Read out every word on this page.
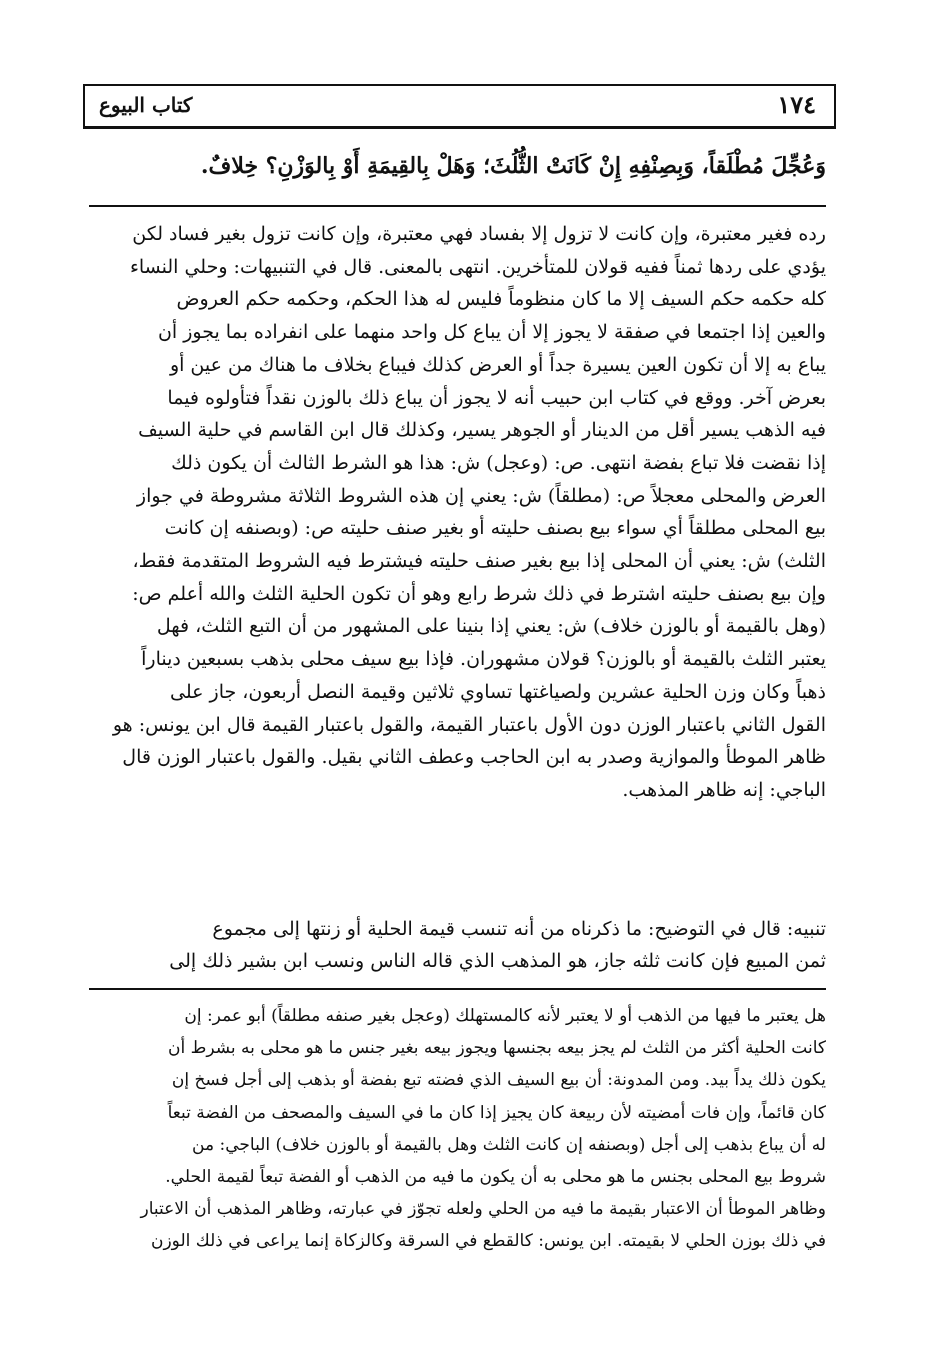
١٧٤
كتاب البيوع
وَعُجِّلَ مُطْلَقاً، وَبِصِنْفِهِ إِنْ كَانَتْ الثُّلُثَ؛ وَهَلْ بِالقِيمَةِ أَوْ بِالوَزْنِ؟ خِلافٌ.

رده فغير معتبرة، وإن كانت لا تزول إلا بفساد فهي معتبرة، وإن كانت تزول بغير فساد لكن

يؤدي على ردها ثمناً ففيه قولان للمتأخرين. انتهى بالمعنى. قال في التنبيهات: وحلي النساء

كله حكمه حكم السيف إلا ما كان منظوماً فليس له هذا الحكم، وحكمه حكم العروض

والعين إذا اجتمعا في صفقة لا يجوز إلا أن يباع كل واحد منهما على انفراده بما يجوز أن

يباع به إلا أن تكون العين يسيرة جداً أو العرض كذلك فيباع بخلاف ما هناك من عين أو

بعرض آخر. ووقع في كتاب ابن حبيب أنه لا يجوز أن يباع ذلك بالوزن نقداً فتأولوه فيما

فيه الذهب يسير أقل من الدينار أو الجوهر يسير، وكذلك قال ابن القاسم في حلية السيف

إذا نقضت فلا تباع بفضة انتهى. ص: (وعجل) ش: هذا هو الشرط الثالث أن يكون ذلك

العرض والمحلى معجلاً ص: (مطلقاً) ش: يعني إن هذه الشروط الثلاثة مشروطة في جواز

بيع المحلى مطلقاً أي سواء بيع بصنف حليته أو بغير صنف حليته ص: (وبصنفه إن كانت

الثلث) ش: يعني أن المحلى إذا بيع بغير صنف حليته فيشترط فيه الشروط المتقدمة فقط،

وإن بيع بصنف حليته اشترط في ذلك شرط رابع وهو أن تكون الحلية الثلث والله أعلم ص:

(وهل بالقيمة أو بالوزن خلاف) ش: يعني إذا بنينا على المشهور من أن التبع الثلث، فهل

يعتبر الثلث بالقيمة أو بالوزن؟ قولان مشهوران. فإذا بيع سيف محلى بذهب بسبعين ديناراً

ذهباً وكان وزن الحلية عشرين ولصياغتها تساوي ثلاثين وقيمة النصل أربعون، جاز على

القول الثاني باعتبار الوزن دون الأول باعتبار القيمة، والقول باعتبار القيمة قال ابن يونس: هو

ظاهر الموطأ والموازية وصدر به ابن الحاجب وعطف الثاني بقيل. والقول باعتبار الوزن قال

الباجي: إنه ظاهر المذهب.

تنبيه: قال في التوضيح: ما ذكرناه من أنه تنسب قيمة الحلية أو زنتها إلى مجموع

ثمن المبيع فإن كانت ثلثه جاز، هو المذهب الذي قاله الناس ونسب ابن بشير ذلك إلى

هل يعتبر ما فيها من الذهب أو لا يعتبر لأنه كالمستهلك (وعجل بغير صنفه مطلقاً) أبو عمر: إن

كانت الحلية أكثر من الثلث لم يجز بيعه بجنسها ويجوز بيعه بغير جنس ما هو محلى به بشرط أن

يكون ذلك يداً بيد. ومن المدونة: أن بيع السيف الذي فضته تبع بفضة أو بذهب إلى أجل فسخ إن

كان قائماً، وإن فات أمضيته لأن ربيعة كان يجيز إذا كان ما في السيف والمصحف من الفضة تبعاً

له أن يباع بذهب إلى أجل (وبصنفه إن كانت الثلث وهل بالقيمة أو بالوزن خلاف) الباجي: من

شروط بيع المحلى بجنس ما هو محلى به أن يكون ما فيه من الذهب أو الفضة تبعاً لقيمة الحلي.

وظاهر الموطأ أن الاعتبار بقيمة ما فيه من الحلي ولعله تجوّز في عبارته، وظاهر المذهب أن الاعتبار

في ذلك بوزن الحلي لا بقيمته. ابن يونس: كالقطع في السرقة وكالزكاة إنما يراعى في ذلك الوزن
